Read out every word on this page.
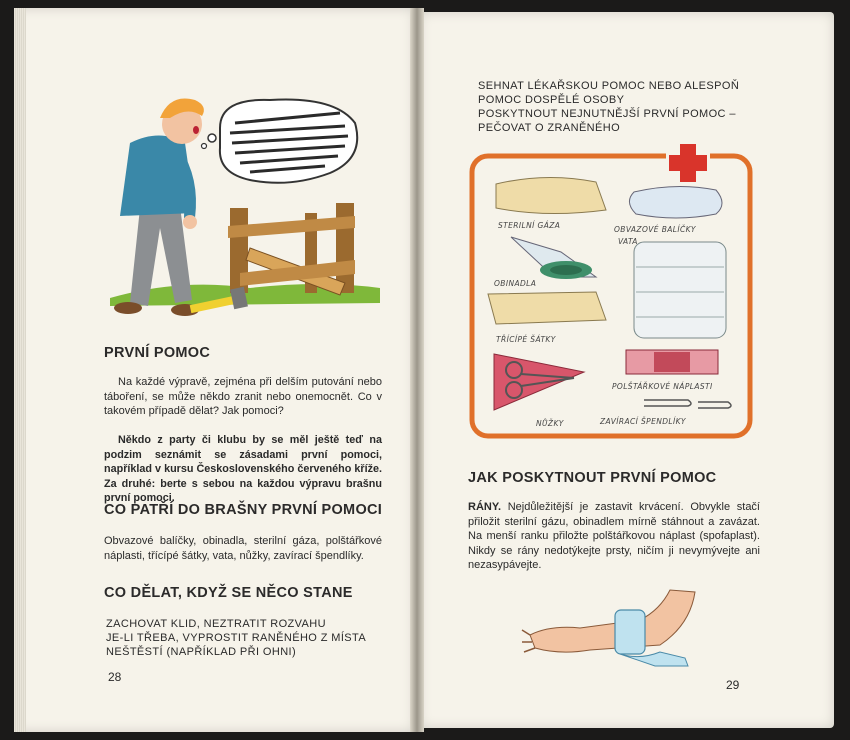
PRVNÍ POMOC

Na každé výpravě, zejména při delším putování nebo táboření, se může někdo zranit nebo onemocnět. Co v takovém případě dělat? Jak pomoci?

Někdo z party či klubu by se měl ještě teď na podzim seznámit se zásadami první pomoci, například v kursu Československého červeného kříže. Za druhé: berte s sebou na každou výpravu brašnu první pomoci.

CO PATŘÍ DO BRAŠNY PRVNÍ POMOCI

Obvazové balíčky, obinadla, sterilní gáza, polštářkové náplasti, třícípé šátky, vata, nůžky, zavírací špendlíky.

CO DĚLAT, KDYŽ SE NĚCO STANE
ZACHOVAT KLID, NEZTRATIT ROZVAHU
JE-LI TŘEBA, VYPROSTIT RANĚNÉHO Z MÍSTA
NEŠTĚSTÍ (NAPŘÍKLAD PŘI OHNI)
28
SEHNAT LÉKAŘSKOU POMOC NEBO ALESPOŇ
POMOC DOSPĚLÉ OSOBY
POSKYTNOUT NEJNUTNĚJŠÍ PRVNÍ POMOC –
PEČOVAT O ZRANĚNÉHO
STERILNÍ GÁZA	OBVAZOVÉ BALÍČKY
VATA
OBINADLA
TŘÍCÍPÉ ŠÁTKY
POLŠTÁŘKOVÉ NÁPLASTI
NŮŽKY	ZAVÍRACÍ ŠPENDLÍKY
JAK POSKYTNOUT PRVNÍ POMOC

RÁNY. Nejdůležitější je zastavit krvácení. Obvykle stačí přiložit sterilní gázu, obinadlem mírně stáhnout a zavázat. Na menší ranku přiložte polštářkovou náplast (spofaplast). Nikdy se rány nedotýkejte prsty, ničím ji nevymývejte ani nezasypávejte.

29
